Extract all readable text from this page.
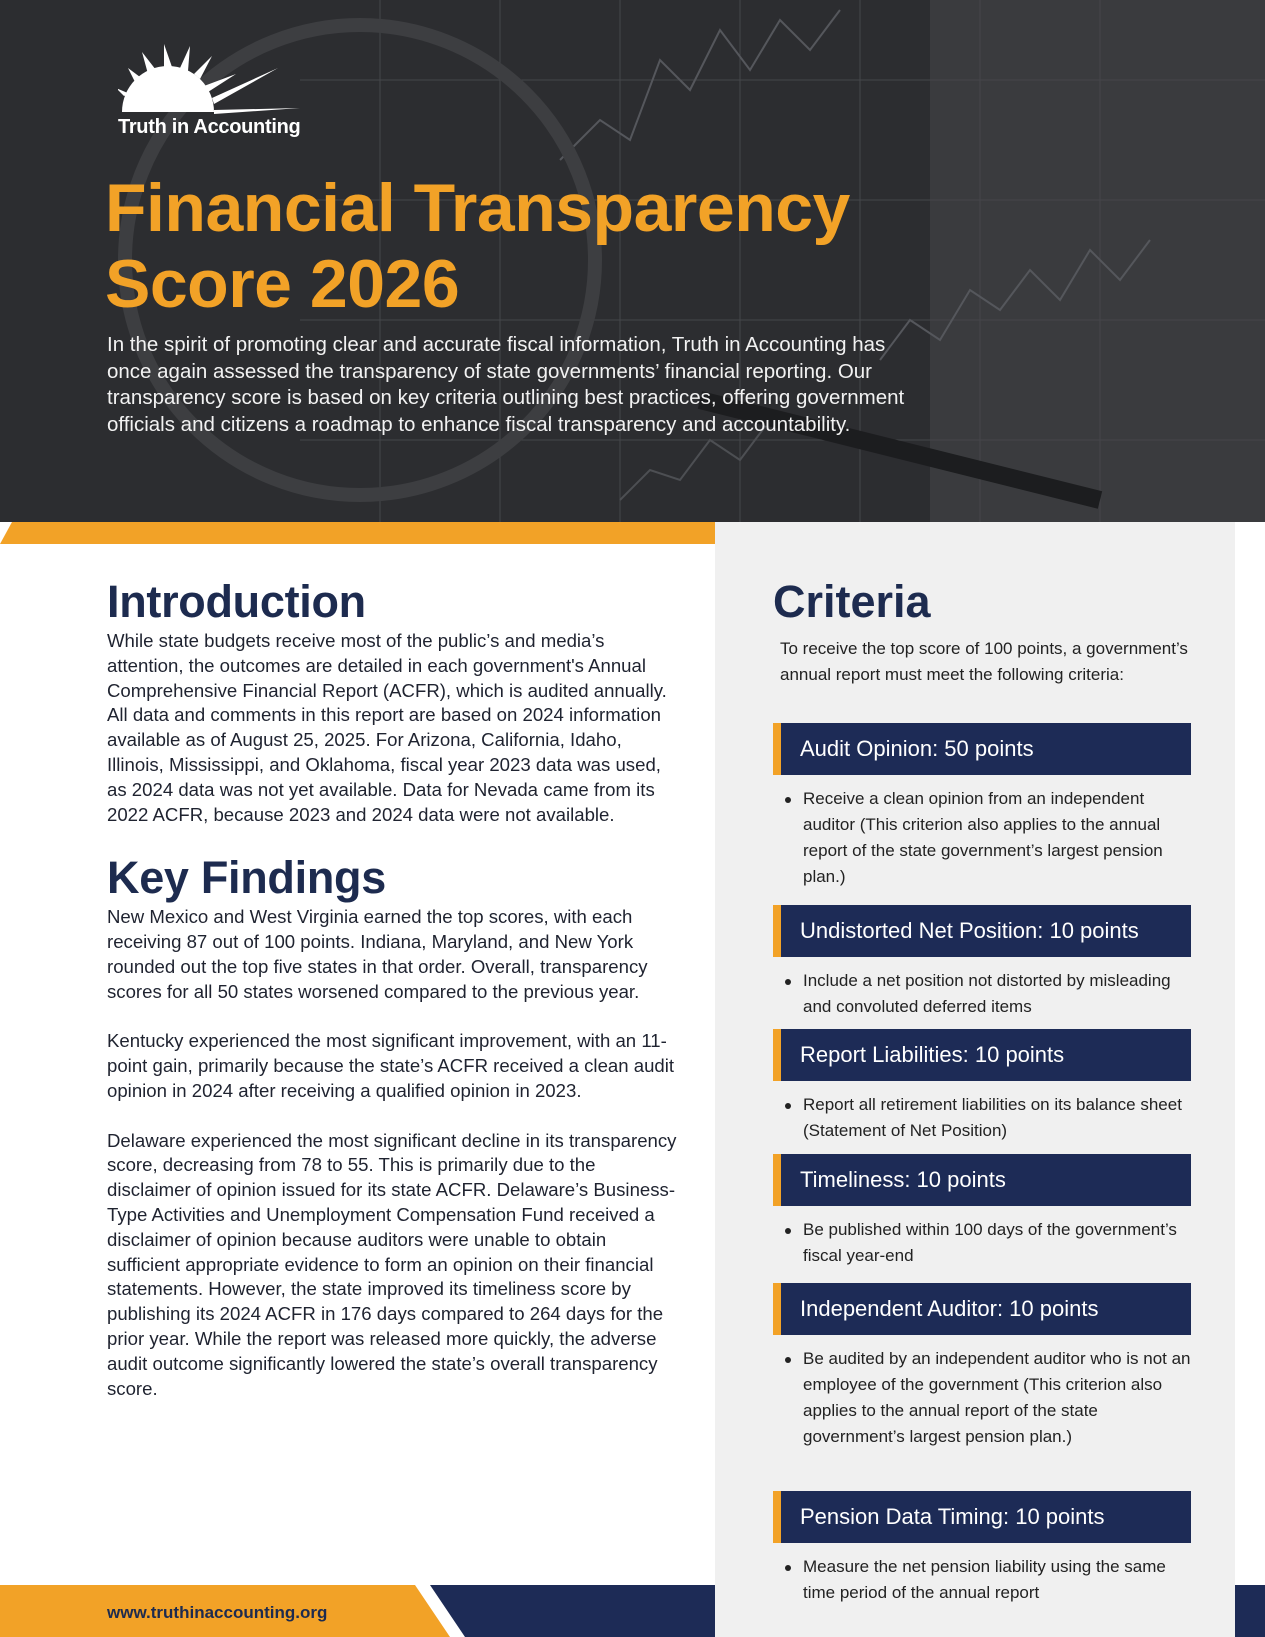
Truth in Accounting
Financial Transparency
Score 2026

In the spirit of promoting clear and accurate fiscal information, Truth in Accounting has once again assessed the transparency of state governments’ financial reporting. Our transparency score is based on key criteria outlining best practices, offering government officials and citizens a roadmap to enhance fiscal transparency and accountability.

Introduction

While state budgets receive most of the public’s and media’s attention, the outcomes are detailed in each government's Annual Comprehensive Financial Report (ACFR), which is audited annually. All data and comments in this report are based on 2024 information available as of August 25, 2025. For Arizona, California, Idaho, Illinois, Mississippi, and Oklahoma, fiscal year 2023 data was used, as 2024 data was not yet available. Data for Nevada came from its 2022 ACFR, because 2023 and 2024 data were not available.

Key Findings

New Mexico and West Virginia earned the top scores, with each receiving 87 out of 100 points. Indiana, Maryland, and New York rounded out the top five states in that order. Overall, transparency scores for all 50 states worsened compared to the previous year.

Kentucky experienced the most significant improvement, with an 11-point gain, primarily because the state’s ACFR received a clean audit opinion in 2024 after receiving a qualified opinion in 2023.

Delaware experienced the most significant decline in its transparency score, decreasing from 78 to 55. This is primarily due to the disclaimer of opinion issued for its state ACFR. Delaware’s Business-Type Activities and Unemployment Compensation Fund received a disclaimer of opinion because auditors were unable to obtain sufficient appropriate evidence to form an opinion on their financial statements. However, the state improved its timeliness score by publishing its 2024 ACFR in 176 days compared to 264 days for the prior year. While the report was released more quickly, the adverse audit outcome significantly lowered the state’s overall transparency score.

Criteria

To receive the top score of 100 points, a government’s annual report must meet the following criteria:

Audit Opinion: 50 points
Receive a clean opinion from an independent auditor (This criterion also applies to the annual report of the state government’s largest pension plan.)
Undistorted Net Position: 10 points
Include a net position not distorted by misleading and convoluted deferred items
Report Liabilities: 10 points
Report all retirement liabilities on its balance sheet (Statement of Net Position)
Timeliness: 10 points
Be published within 100 days of the government’s fiscal year-end
Independent Auditor: 10 points
Be audited by an independent auditor who is not an employee of the government (This criterion also applies to the annual report of the state government’s largest pension plan.)
Pension Data Timing: 10 points
Measure the net pension liability using the same time period of the annual report
www.truthinaccounting.org
